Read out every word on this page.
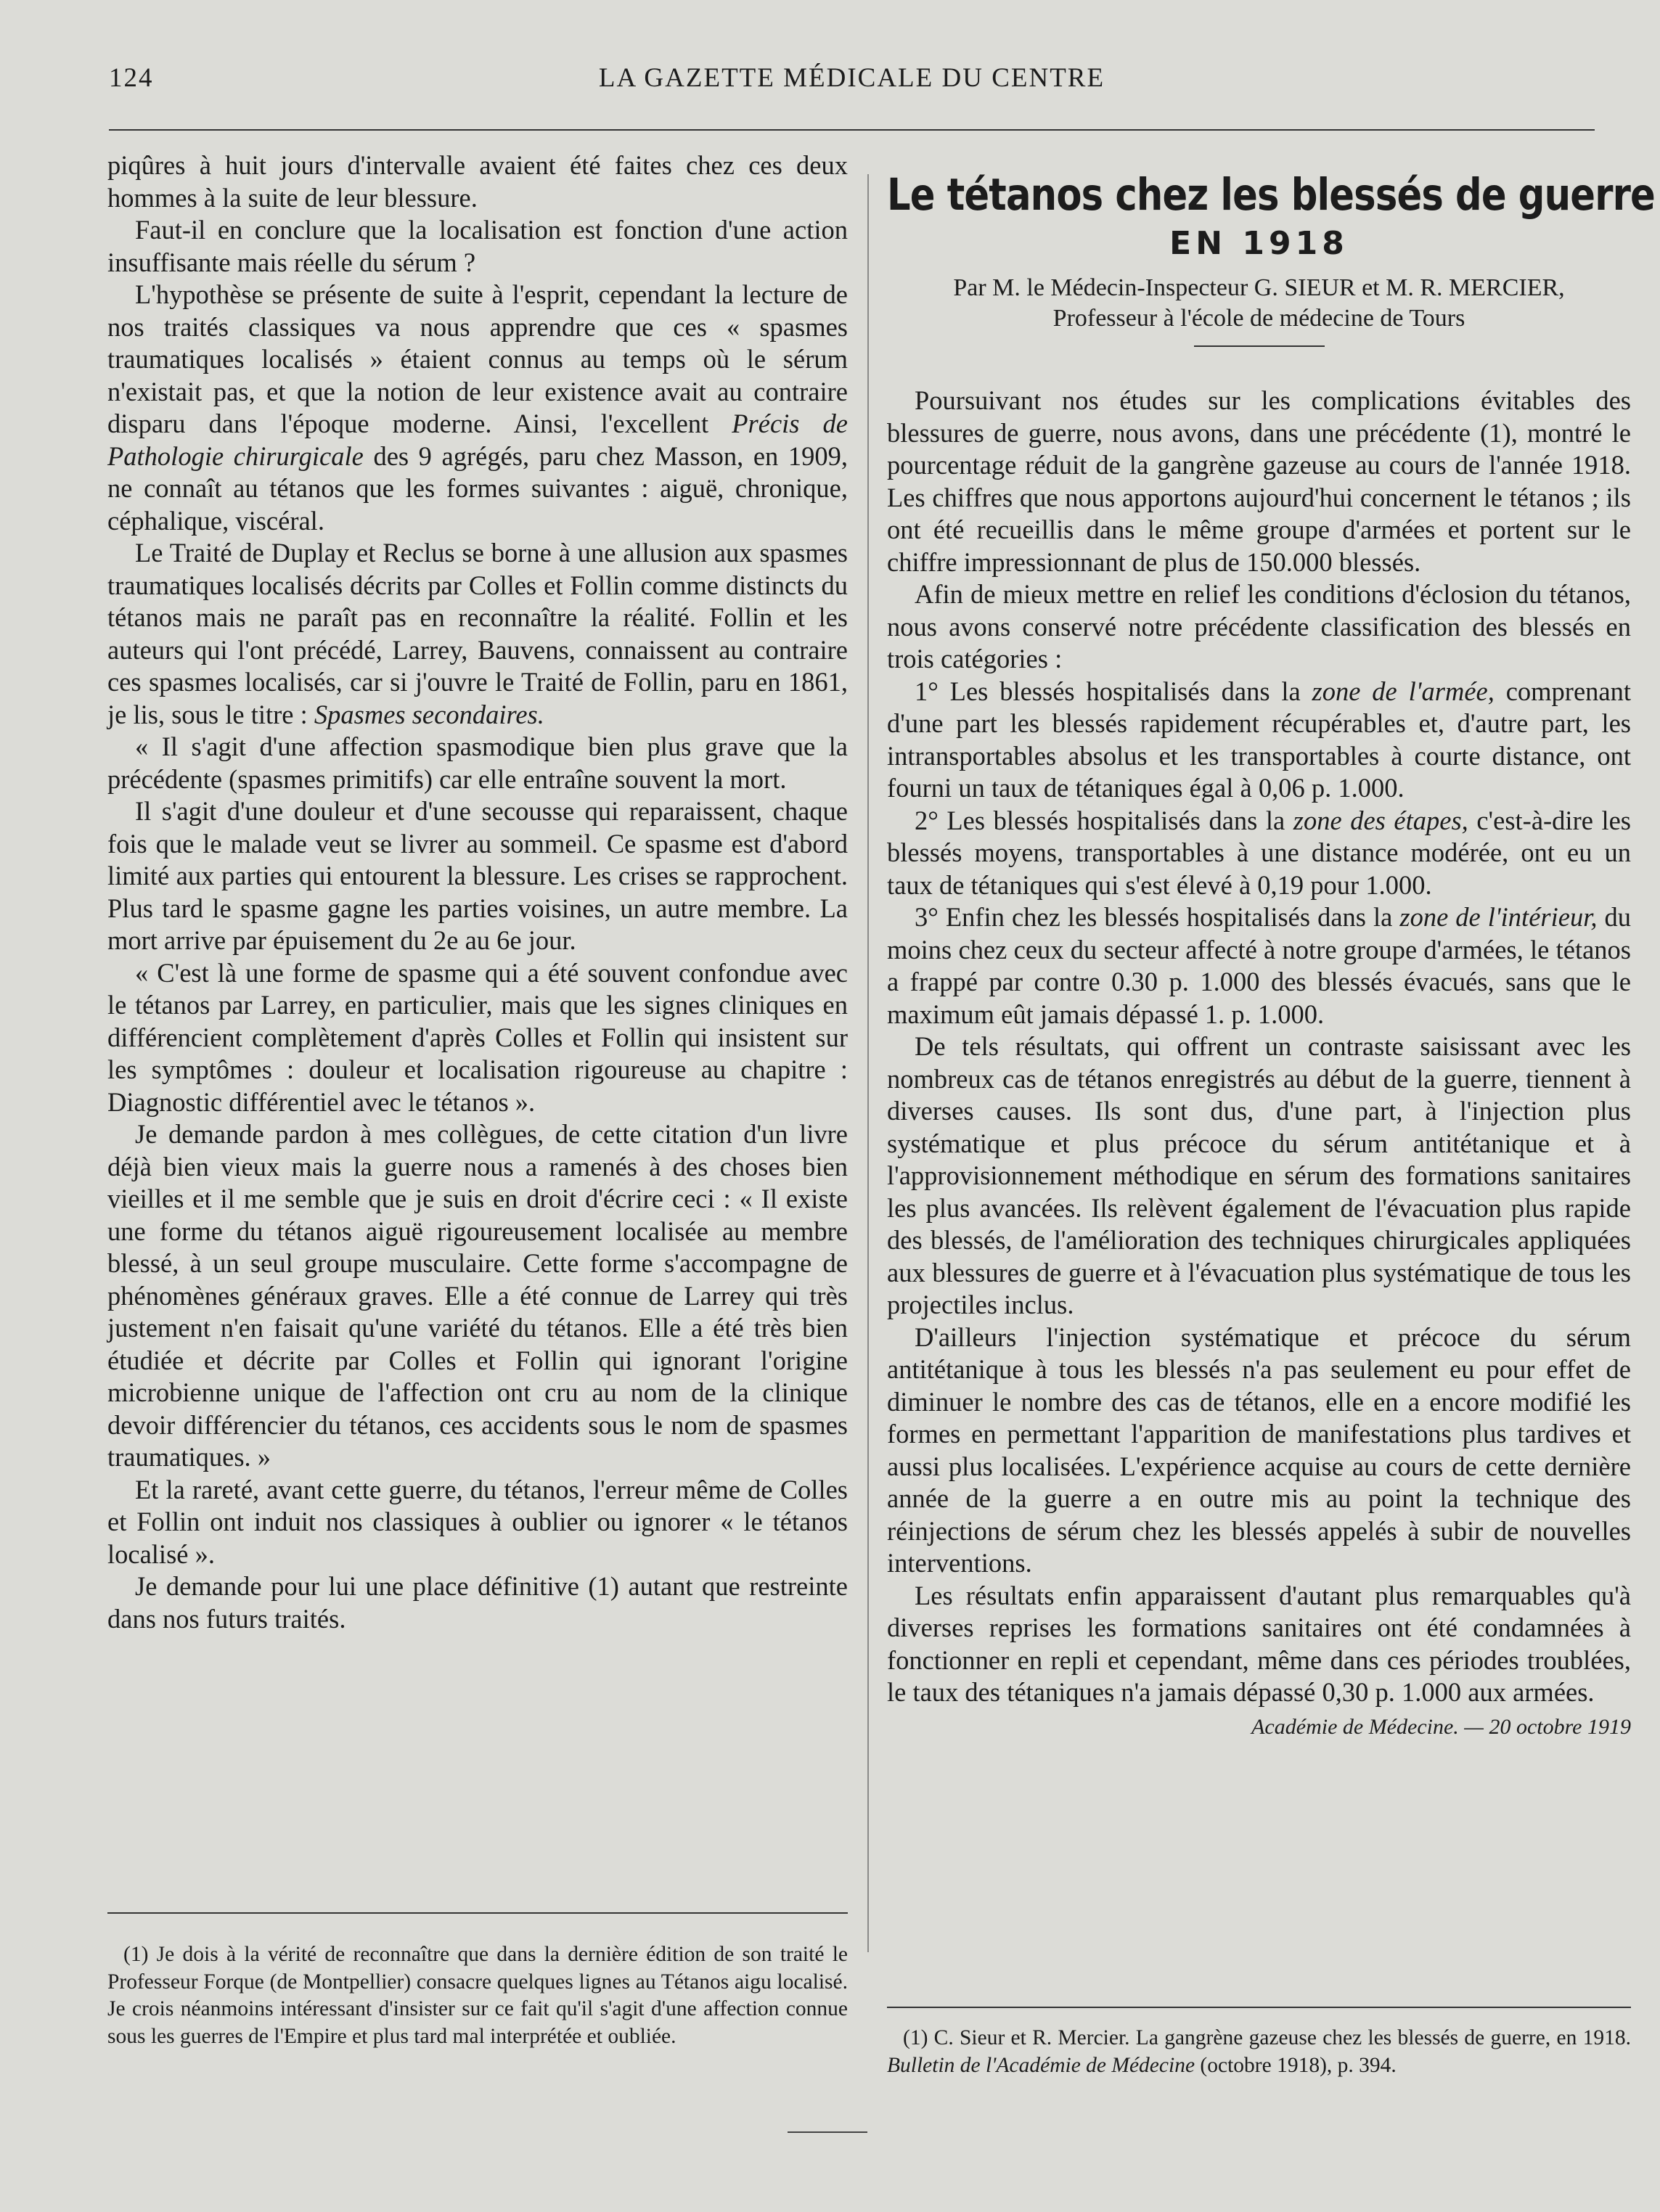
124	LA GAZETTE MÉDICALE DU CENTRE

piqûres à huit jours d'intervalle avaient été faites chez ces deux hommes à la suite de leur blessure.

Faut-il en conclure que la localisation est fonction d'une action insuffisante mais réelle du sérum ?

L'hypothèse se présente de suite à l'esprit, cependant la lecture de nos traités classiques va nous apprendre que ces « spasmes traumatiques localisés » étaient connus au temps où le sérum n'existait pas, et que la notion de leur existence avait au contraire disparu dans l'époque moderne. Ainsi, l'excellent Précis de Pathologie chirurgicale des 9 agrégés, paru chez Masson, en 1909, ne connaît au tétanos que les formes suivantes : aiguë, chronique, céphalique, viscéral.

Le Traité de Duplay et Reclus se borne à une allusion aux spasmes traumatiques localisés décrits par Colles et Follin comme distincts du tétanos mais ne paraît pas en reconnaître la réalité. Follin et les auteurs qui l'ont précédé, Larrey, Bauvens, connaissent au contraire ces spasmes localisés, car si j'ouvre le Traité de Follin, paru en 1861, je lis, sous le titre : Spasmes secondaires.

« Il s'agit d'une affection spasmodique bien plus grave que la précédente (spasmes primitifs) car elle entraîne souvent la mort.

Il s'agit d'une douleur et d'une secousse qui reparaissent, chaque fois que le malade veut se livrer au sommeil. Ce spasme est d'abord limité aux parties qui entourent la blessure. Les crises se rapprochent. Plus tard le spasme gagne les parties voisines, un autre membre. La mort arrive par épuisement du 2e au 6e jour.

« C'est là une forme de spasme qui a été souvent confondue avec le tétanos par Larrey, en particulier, mais que les signes cliniques en différencient complètement d'après Colles et Follin qui insistent sur les symptômes : douleur et localisation rigoureuse au chapitre : Diagnostic différentiel avec le tétanos ».

Je demande pardon à mes collègues, de cette citation d'un livre déjà bien vieux mais la guerre nous a ramenés à des choses bien vieilles et il me semble que je suis en droit d'écrire ceci : « Il existe une forme du tétanos aiguë rigoureusement localisée au membre blessé, à un seul groupe musculaire. Cette forme s'accompagne de phénomènes généraux graves. Elle a été connue de Larrey qui très justement n'en faisait qu'une variété du tétanos. Elle a été très bien étudiée et décrite par Colles et Follin qui ignorant l'origine microbienne unique de l'affection ont cru au nom de la clinique devoir différencier du tétanos, ces accidents sous le nom de spasmes traumatiques. »

Et la rareté, avant cette guerre, du tétanos, l'erreur même de Colles et Follin ont induit nos classiques à oublier ou ignorer « le tétanos localisé ».

Je demande pour lui une place définitive (1) autant que restreinte dans nos futurs traités.

(1) Je dois à la vérité de reconnaître que dans la dernière édition de son traité le Professeur Forque (de Montpellier) consacre quelques lignes au Tétanos aigu localisé. Je crois néanmoins intéressant d'insister sur ce fait qu'il s'agit d'une affection connue sous les guerres de l'Empire et plus tard mal interprétée et oubliée.
Le tétanos chez les blessés de guerre
EN 1918
Par M. le Médecin-Inspecteur G. SIEUR et M. R. MERCIER,
Professeur à l'école de médecine de Tours

Poursuivant nos études sur les complications évitables des blessures de guerre, nous avons, dans une précédente (1), montré le pourcentage réduit de la gangrène gazeuse au cours de l'année 1918. Les chiffres que nous apportons aujourd'hui concernent le tétanos ; ils ont été recueillis dans le même groupe d'armées et portent sur le chiffre impressionnant de plus de 150.000 blessés.

Afin de mieux mettre en relief les conditions d'éclosion du tétanos, nous avons conservé notre précédente classification des blessés en trois catégories :

1° Les blessés hospitalisés dans la zone de l'armée, comprenant d'une part les blessés rapidement récupérables et, d'autre part, les intransportables absolus et les transportables à courte distance, ont fourni un taux de tétaniques égal à 0,06 p. 1.000.

2° Les blessés hospitalisés dans la zone des étapes, c'est-à-dire les blessés moyens, transportables à une distance modérée, ont eu un taux de tétaniques qui s'est élevé à 0,19 pour 1.000.

3° Enfin chez les blessés hospitalisés dans la zone de l'intérieur, du moins chez ceux du secteur affecté à notre groupe d'armées, le tétanos a frappé par contre 0.30 p. 1.000 des blessés évacués, sans que le maximum eût jamais dépassé 1. p. 1.000.

De tels résultats, qui offrent un contraste saisissant avec les nombreux cas de tétanos enregistrés au début de la guerre, tiennent à diverses causes. Ils sont dus, d'une part, à l'injection plus systématique et plus précoce du sérum antitétanique et à l'approvisionnement méthodique en sérum des formations sanitaires les plus avancées. Ils relèvent également de l'évacuation plus rapide des blessés, de l'amélioration des techniques chirurgicales appliquées aux blessures de guerre et à l'évacuation plus systématique de tous les projectiles inclus.

D'ailleurs l'injection systématique et précoce du sérum antitétanique à tous les blessés n'a pas seulement eu pour effet de diminuer le nombre des cas de tétanos, elle en a encore modifié les formes en permettant l'apparition de manifestations plus tardives et aussi plus localisées. L'expérience acquise au cours de cette dernière année de la guerre a en outre mis au point la technique des réinjections de sérum chez les blessés appelés à subir de nouvelles interventions.

Les résultats enfin apparaissent d'autant plus remarquables qu'à diverses reprises les formations sanitaires ont été condamnées à fonctionner en repli et cependant, même dans ces périodes troublées, le taux des tétaniques n'a jamais dépassé 0,30 p. 1.000 aux armées.

Académie de Médecine. — 20 octobre 1919
(1) C. Sieur et R. Mercier. La gangrène gazeuse chez les blessés de guerre, en 1918. Bulletin de l'Académie de Médecine (octobre 1918), p. 394.
